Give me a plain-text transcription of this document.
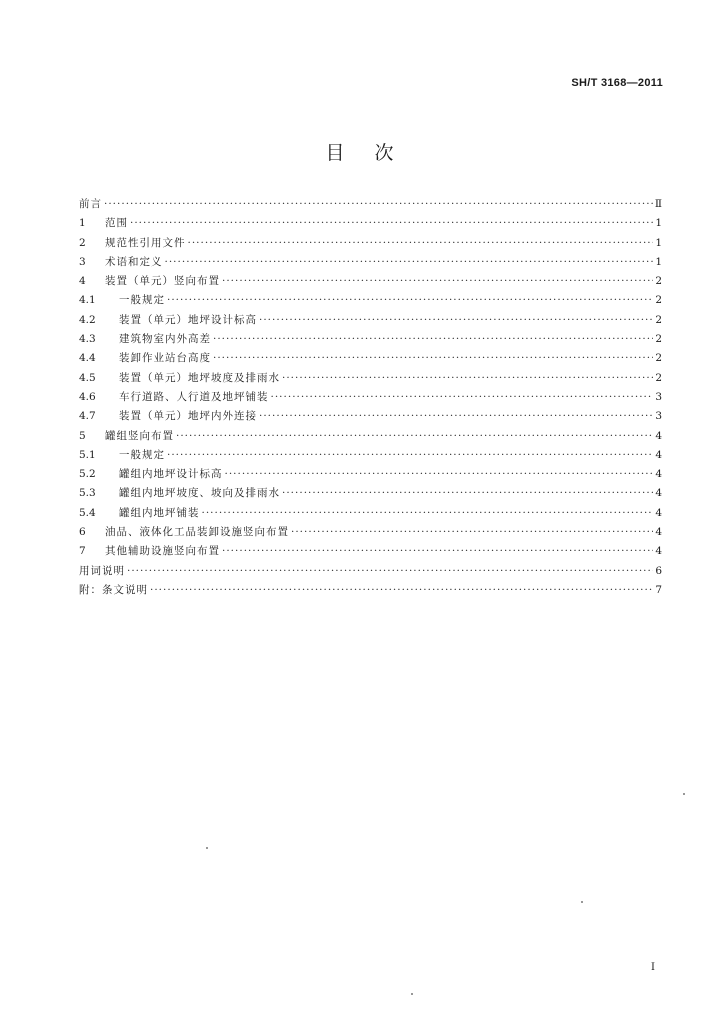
SH/T 3168—2011
目次
前言 ·····	Ⅱ
1	范围 ·····	1
2	规范性引用文件 ·····	1
3	术语和定义 ·····	1
4	装置（单元）竖向布置 ·····	2
4.1	一般规定 ·····	2
4.2	装置（单元）地坪设计标高 ·····	2
4.3	建筑物室内外高差 ·····	2
4.4	装卸作业站台高度 ·····	2
4.5	装置（单元）地坪坡度及排雨水 ·····	2
4.6	车行道路、人行道及地坪铺装 ·····	3
4.7	装置（单元）地坪内外连接 ·····	3
5	罐组竖向布置 ·····	4
5.1	一般规定 ·····	4
5.2	罐组内地坪设计标高 ·····	4
5.3	罐组内地坪坡度、坡向及排雨水 ·····	4
5.4	罐组内地坪铺装 ·····	4
6	油品、液体化工品装卸设施竖向布置 ·····	4
7	其他辅助设施竖向布置 ·····	4
用词说明 ·····	6
附：条文说明 ·····	7
I
